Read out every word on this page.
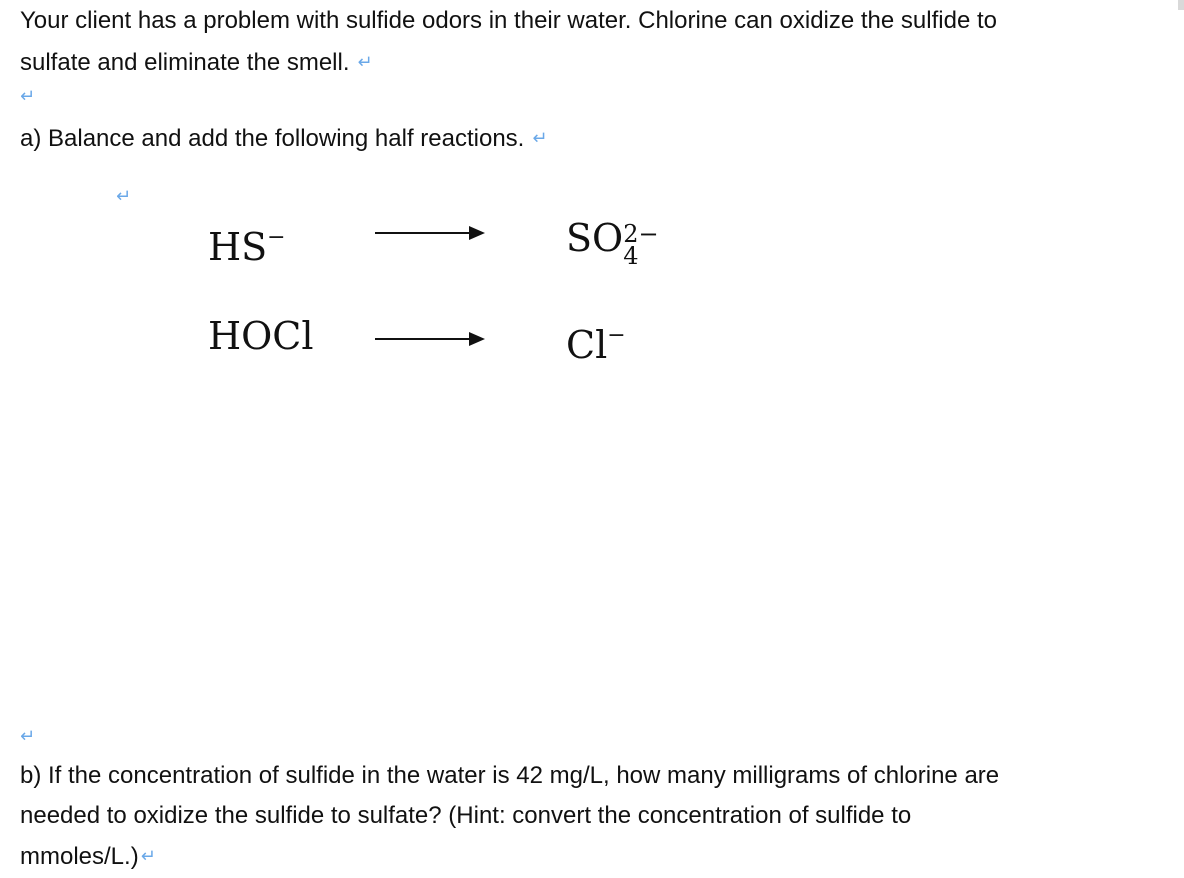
Your client has a problem with sulfide odors in their water. Chlorine can oxidize the sulfide to
sulfate and eliminate the smell. ↵
↵
a) Balance and add the following half reactions. ↵
↵
HS−	SO 2−
4
HOCl	Cl−
↵
b) If the concentration of sulfide in the water is 42 mg/L, how many milligrams of chlorine are
needed to oxidize the sulfide to sulfate? (Hint: convert the concentration of sulfide to
mmoles/L.) ↵
